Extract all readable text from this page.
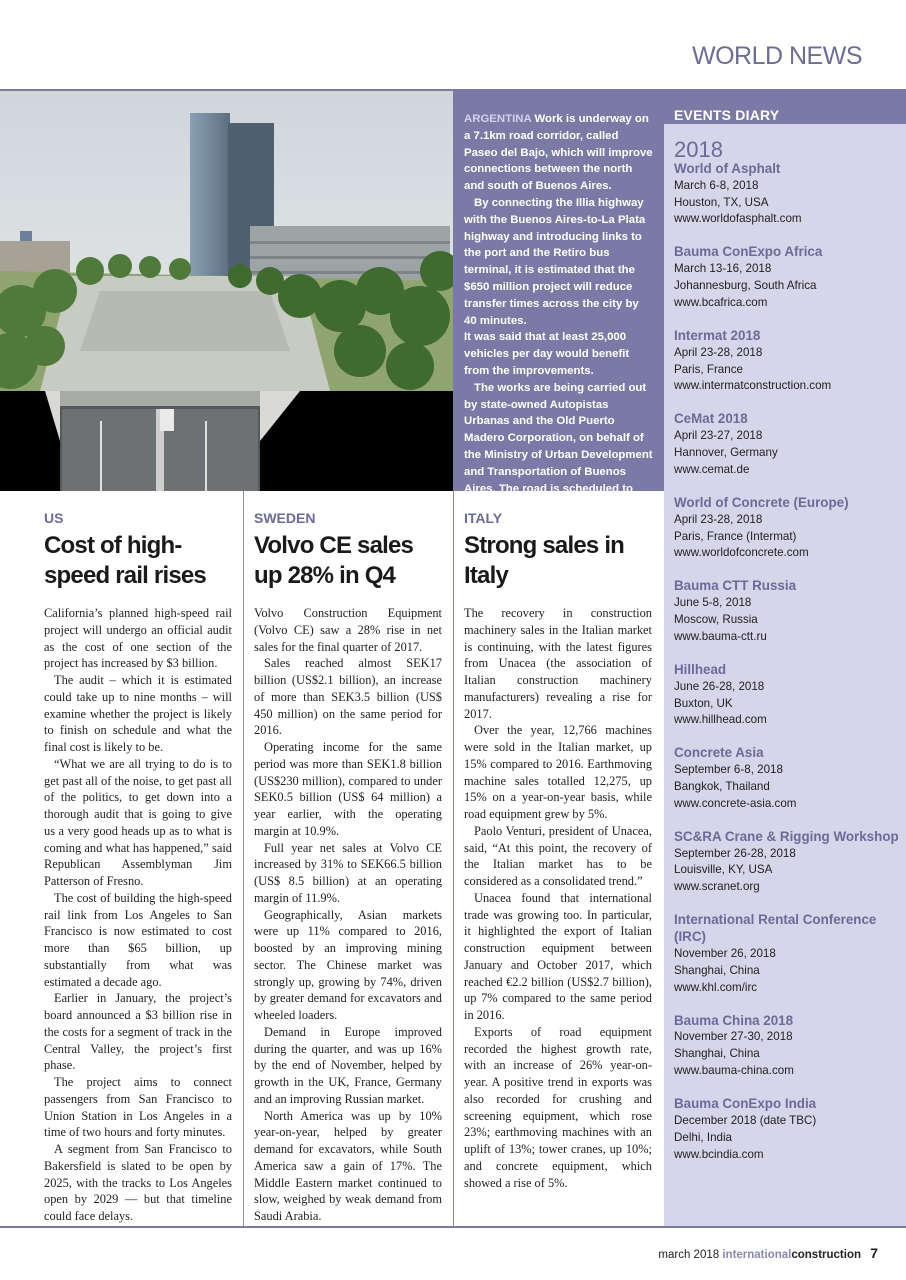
WORLD NEWS

ARGENTINA Work is underway on a 7.1km road corridor, called Paseo del Bajo, which will improve connections between the north and south of Buenos Aires.

By connecting the Illia highway with the Buenos Aires-to-La Plata highway and introducing links to the port and the Retiro bus terminal, it is estimated that the $650 million project will reduce transfer times across the city by 40 minutes.

It was said that at least 25,000 vehicles per day would benefit from the improvements.

The works are being carried out by state-owned Autopistas Urbanas and the Old Puerto Madero Corporation, on behalf of the Ministry of Urban Development and Transportation of Buenos Aires. The road is scheduled to open in 2019.

EVENTS DIARY
2018
World of Asphalt
March 6-8, 2018
Houston, TX, USA
www.worldofasphalt.com
Bauma ConExpo Africa
March 13-16, 2018
Johannesburg, South Africa
www.bcafrica.com
Intermat 2018
April 23-28, 2018
Paris, France
www.intermatconstruction.com
CeMat 2018
April 23-27, 2018
Hannover, Germany
www.cemat.de
World of Concrete (Europe)
April 23-28, 2018
Paris, France (Intermat)
www.worldofconcrete.com
Bauma CTT Russia
June 5-8, 2018
Moscow, Russia
www.bauma-ctt.ru
Hillhead
June 26-28, 2018
Buxton, UK
www.hillhead.com
Concrete Asia
September 6-8, 2018
Bangkok, Thailand
www.concrete-asia.com
SC&RA Crane & Rigging Workshop
September 26-28, 2018
Louisville, KY, USA
www.scranet.org
International Rental Conference (IRC)
November 26, 2018
Shanghai, China
www.khl.com/irc
Bauma China 2018
November 27-30, 2018
Shanghai, China
www.bauma-china.com
Bauma ConExpo India
December 2018 (date TBC)
Delhi, India
www.bcindia.com
US
Cost of high-speed rail rises

California’s planned high-speed rail project will undergo an official audit as the cost of one section of the project has increased by $3 billion.

The audit – which it is estimated could take up to nine months – will examine whether the project is likely to finish on schedule and what the final cost is likely to be.

“What we are all trying to do is to get past all of the noise, to get past all of the politics, to get down into a thorough audit that is going to give us a very good heads up as to what is coming and what has happened,” said Republican Assemblyman Jim Patterson of Fresno.

The cost of building the high-speed rail link from Los Angeles to San Francisco is now estimated to cost more than $65 billion, up substantially from what was estimated a decade ago.

Earlier in January, the project’s board announced a $3 billion rise in the costs for a segment of track in the Central Valley, the project’s first phase.

The project aims to connect passengers from San Francisco to Union Station in Los Angeles in a time of two hours and forty minutes.

A segment from San Francisco to Bakersfield is slated to be open by 2025, with the tracks to Los Angeles open by 2029 — but that timeline could face delays.

SWEDEN
Volvo CE sales up 28% in Q4

Volvo Construction Equipment (Volvo CE) saw a 28% rise in net sales for the final quarter of 2017.

Sales reached almost SEK17 billion (US$2.1 billion), an increase of more than SEK3.5 billion (US$ 450 million) on the same period for 2016.

Operating income for the same period was more than SEK1.8 billion (US$230 million), compared to under SEK0.5 billion (US$ 64 million) a year earlier, with the operating margin at 10.9%.

Full year net sales at Volvo CE increased by 31% to SEK66.5 billion (US$ 8.5 billion) at an operating margin of 11.9%.

Geographically, Asian markets were up 11% compared to 2016, boosted by an improving mining sector. The Chinese market was strongly up, growing by 74%, driven by greater demand for excavators and wheeled loaders.

Demand in Europe improved during the quarter, and was up 16% by the end of November, helped by growth in the UK, France, Germany and an improving Russian market.

North America was up by 10% year-on-year, helped by greater demand for excavators, while South America saw a gain of 17%. The Middle Eastern market continued to slow, weighed by weak demand from Saudi Arabia.

ITALY
Strong sales in Italy

The recovery in construction machinery sales in the Italian market is continuing, with the latest figures from Unacea (the association of Italian construction machinery manufacturers) revealing a rise for 2017.

Over the year, 12,766 machines were sold in the Italian market, up 15% compared to 2016. Earthmoving machine sales totalled 12,275, up 15% on a year-on-year basis, while road equipment grew by 5%.

Paolo Venturi, president of Unacea, said, “At this point, the recovery of the Italian market has to be considered as a consolidated trend.”

Unacea found that international trade was growing too. In particular, it highlighted the export of Italian construction equipment between January and October 2017, which reached €2.2 billion (US$2.7 billion), up 7% compared to the same period in 2016.

Exports of road equipment recorded the highest growth rate, with an increase of 26% year-on-year. A positive trend in exports was also recorded for crushing and screening equipment, which rose 23%; earthmoving machines with an uplift of 13%; tower cranes, up 10%; and concrete equipment, which showed a rise of 5%.

march 2018 internationalconstruction 7
